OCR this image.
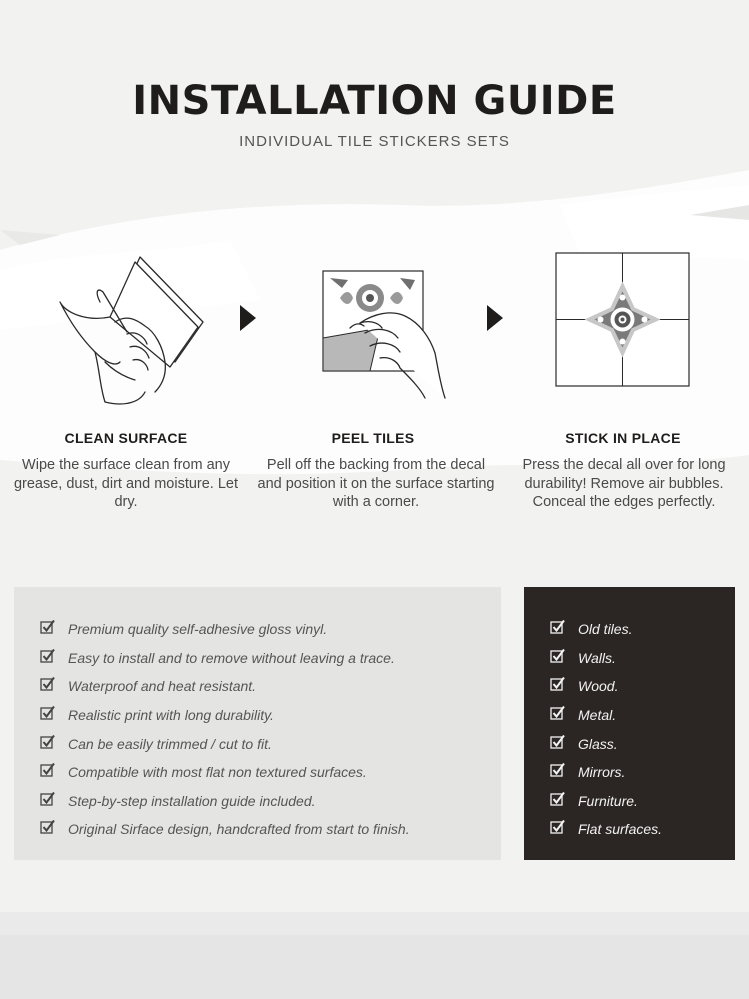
INSTALLATION GUIDE
INDIVIDUAL TILE STICKERS SETS
CLEAN SURFACE
Wipe the surface clean from any grease, dust, dirt and moisture. Let dry.
PEEL TILES
Pell off the backing from the decal and position it on the surface starting with a corner.
STICK IN PLACE
Press the decal all over for long durability! Remove air bubbles. Conceal the edges perfectly.
Premium quality self-adhesive gloss vinyl.
Easy to install and to remove without leaving a trace.
Waterproof and heat resistant.
Realistic print with long durability.
Can be easily trimmed / cut to fit.
Compatible with most flat non textured surfaces.
Step-by-step installation guide included.
Original Sirface design, handcrafted from start to finish.
Old tiles.
Walls.
Wood.
Metal.
Glass.
Mirrors.
Furniture.
Flat surfaces.
